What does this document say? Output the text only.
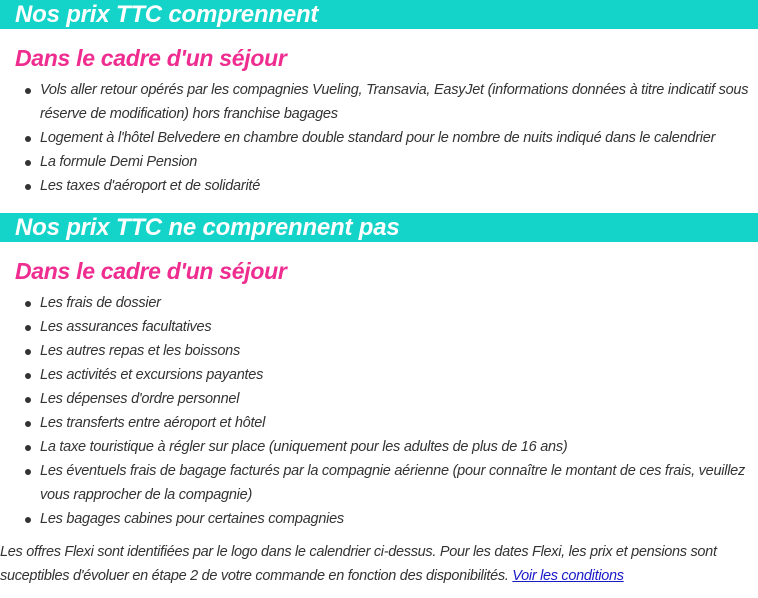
Nos prix TTC comprennent
Dans le cadre d'un séjour
Vols aller retour opérés par les compagnies Vueling, Transavia, EasyJet (informations données à titre indicatif sous réserve de modification) hors franchise bagages
Logement à l'hôtel Belvedere en chambre double standard pour le nombre de nuits indiqué dans le calendrier
La formule Demi Pension
Les taxes d'aéroport et de solidarité
Nos prix TTC ne comprennent pas
Dans le cadre d'un séjour
Les frais de dossier
Les assurances facultatives
Les autres repas et les boissons
Les activités et excursions payantes
Les dépenses d'ordre personnel
Les transferts entre aéroport et hôtel
La taxe touristique à régler sur place (uniquement pour les adultes de plus de 16 ans)
Les éventuels frais de bagage facturés par la compagnie aérienne (pour connaître le montant de ces frais, veuillez vous rapprocher de la compagnie)
Les bagages cabines pour certaines compagnies

Les offres Flexi sont identifiées par le logo dans le calendrier ci-dessus. Pour les dates Flexi, les prix et pensions sont suceptibles d'évoluer en étape 2 de votre commande en fonction des disponibilités. Voir les conditions
